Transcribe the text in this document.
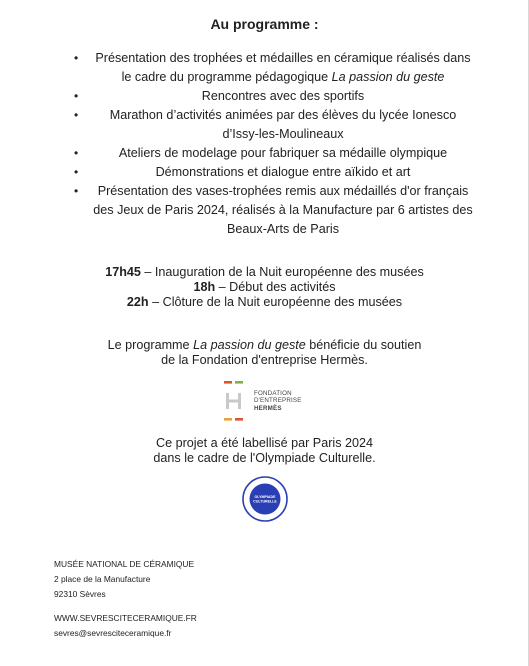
Au programme :
•	Présentation des trophées et médailles en céramique réalisés dans
le cadre du programme pédagogique La passion du geste
•	Rencontres avec des sportifs
•	Marathon d’activités animées par des élèves du lycée Ionesco
d’Issy-les-Moulineaux
•	Ateliers de modelage pour fabriquer sa médaille olympique
•	Démonstrations et dialogue entre aïkido et art
•	Présentation des vases-trophées remis aux médaillés d'or français
des Jeux de Paris 2024, réalisés à la Manufacture par 6 artistes des
Beaux-Arts de Paris
17h45 – Inauguration de la Nuit européenne des musées
18h – Début des activités
22h – Clôture de la Nuit européenne des musées
Le programme La passion du geste bénéficie du soutien
de la Fondation d'entreprise Hermès.
FONDATION
D'ENTREPRISE
HERMÈS
Ce projet a été labellisé par Paris 2024
dans le cadre de l'Olympiade Culturelle.
OLYMPIADE
CULTURELLE
MUSÉE NATIONAL DE CÉRAMIQUE
2 place de la Manufacture
92310 Sèvres
WWW.SEVRESCITECERAMIQUE.FR
sevres@sevresciteceramique.fr
